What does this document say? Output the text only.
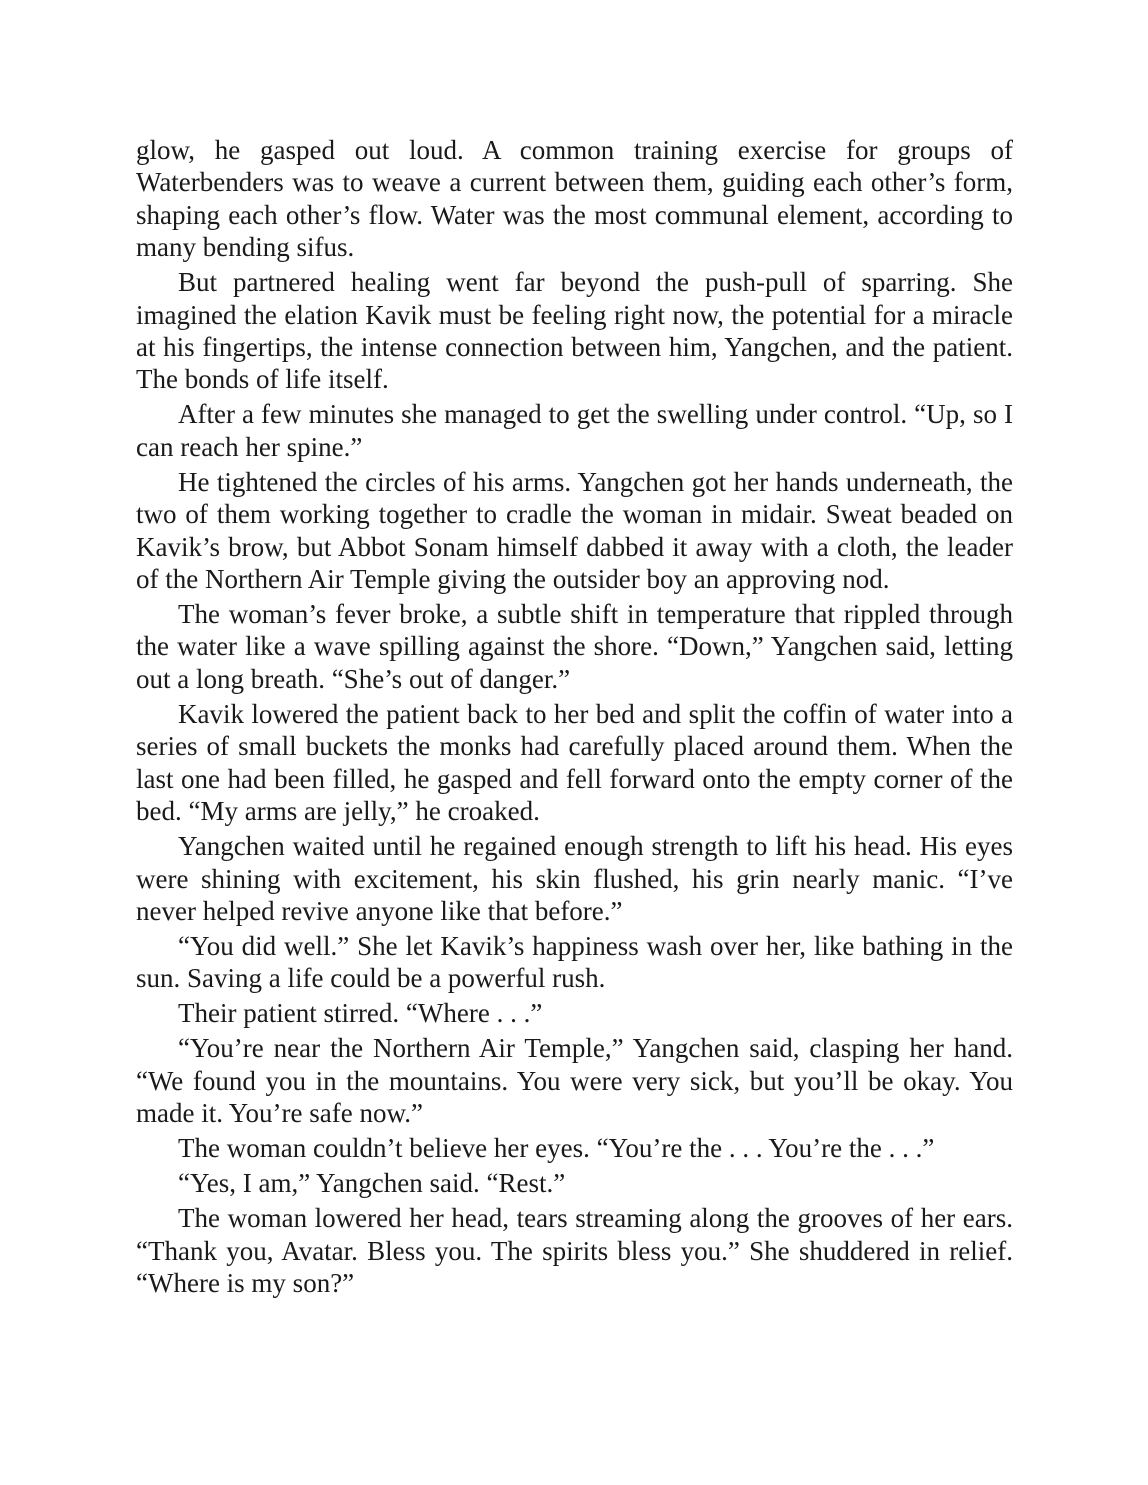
glow, he gasped out loud. A common training exercise for groups of Waterbenders was to weave a current between them, guiding each other’s form, shaping each other’s flow. Water was the most communal element, according to many bending sifus.

But partnered healing went far beyond the push-pull of sparring. She imagined the elation Kavik must be feeling right now, the potential for a miracle at his fingertips, the intense connection between him, Yangchen, and the patient. The bonds of life itself.

After a few minutes she managed to get the swelling under control. “Up, so I can reach her spine.”

He tightened the circles of his arms. Yangchen got her hands underneath, the two of them working together to cradle the woman in midair. Sweat beaded on Kavik’s brow, but Abbot Sonam himself dabbed it away with a cloth, the leader of the Northern Air Temple giving the outsider boy an approving nod.

The woman’s fever broke, a subtle shift in temperature that rippled through the water like a wave spilling against the shore. “Down,” Yangchen said, letting out a long breath. “She’s out of danger.”

Kavik lowered the patient back to her bed and split the coffin of water into a series of small buckets the monks had carefully placed around them. When the last one had been filled, he gasped and fell forward onto the empty corner of the bed. “My arms are jelly,” he croaked.

Yangchen waited until he regained enough strength to lift his head. His eyes were shining with excitement, his skin flushed, his grin nearly manic. “I’ve never helped revive anyone like that before.”

“You did well.” She let Kavik’s happiness wash over her, like bathing in the sun. Saving a life could be a powerful rush.

Their patient stirred. “Where . . .”

“You’re near the Northern Air Temple,” Yangchen said, clasping her hand. “We found you in the mountains. You were very sick, but you’ll be okay. You made it. You’re safe now.”

The woman couldn’t believe her eyes. “You’re the . . . You’re the . . .”

“Yes, I am,” Yangchen said. “Rest.”

The woman lowered her head, tears streaming along the grooves of her ears. “Thank you, Avatar. Bless you. The spirits bless you.” She shuddered in relief. “Where is my son?”
